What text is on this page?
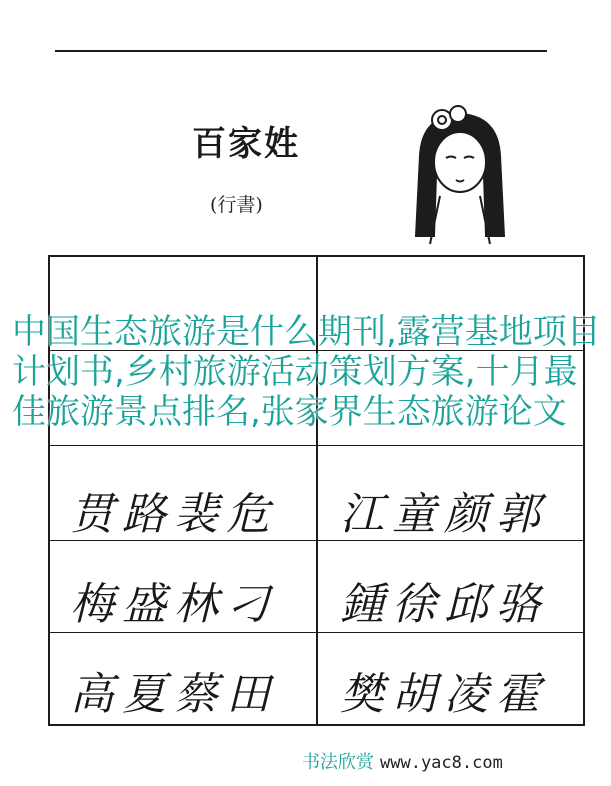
百家姓
(行書)
贯路裴危 江童颜郭
梅盛林刁 鍾徐邱骆
高夏蔡田 樊胡凌霍
中国生态旅游是什么期刊,露营基地项目计划书,乡村旅游活动策划方案,十月最佳旅游景点排名,张家界生态旅游论文
书法欣赏 www.yac8.com
